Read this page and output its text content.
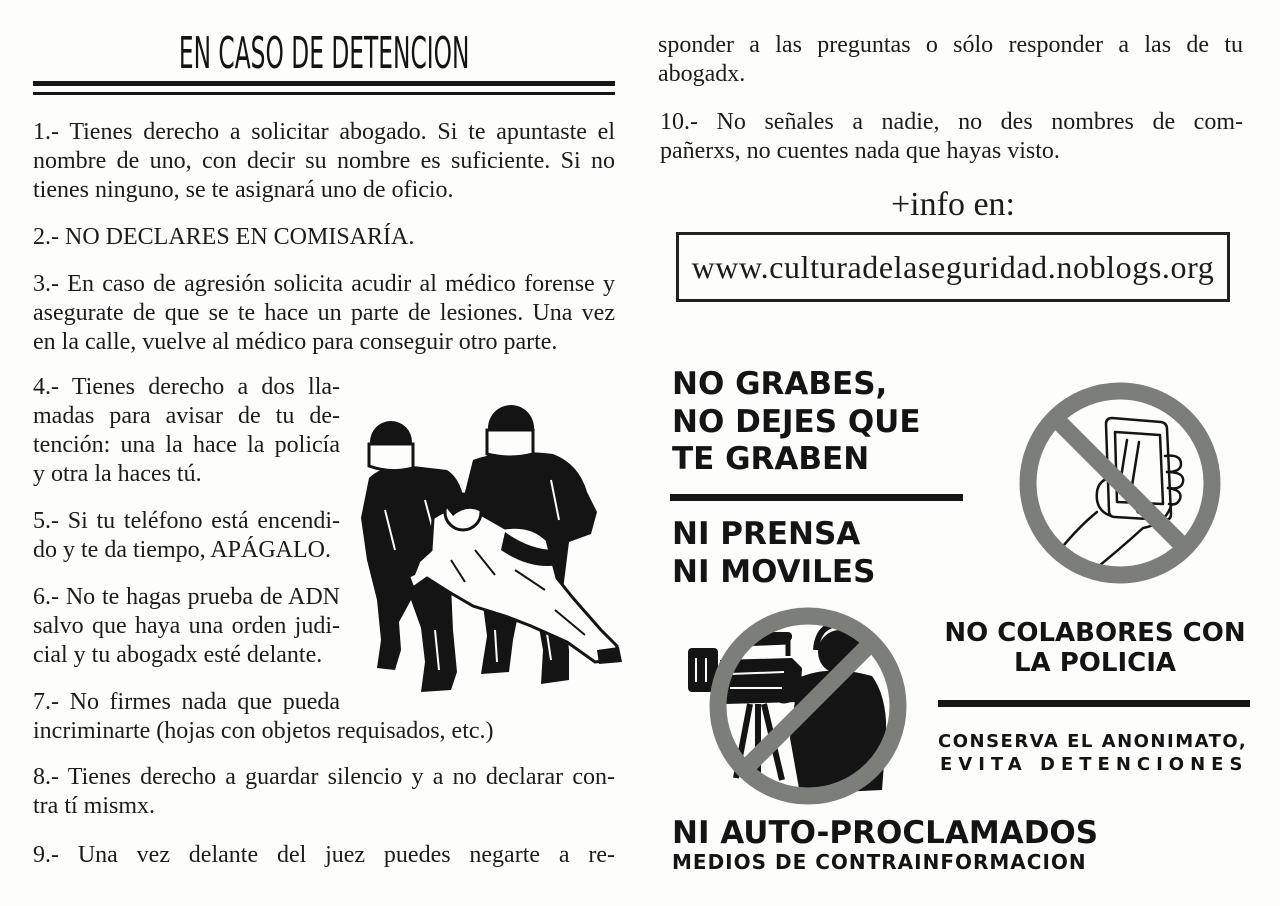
EN CASO DE DETENCION
1.- Tienes derecho a solicitar abogado. Si te apuntaste el
nombre de uno, con decir su nombre es suficiente. Si no
tienes ninguno, se te asignará uno de oficio.
2.- NO DECLARES EN COMISARÍA.
3.- En caso de agresión solicita acudir al médico forense y
asegurate de que se te hace un parte de lesiones. Una vez
en la calle, vuelve al médico para conseguir otro parte.
4.- Tienes derecho a dos lla-
madas para avisar de tu de-
tención: una la hace la policía
y otra la haces tú.
5.- Si tu teléfono está encendi-
do y te da tiempo, APÁGALO.
6.- No te hagas prueba de ADN
salvo que haya una orden judi-
cial y tu abogadx esté delante.
7.- No firmes nada que pueda
incriminarte (hojas con objetos requisados, etc.)
8.- Tienes derecho a guardar silencio y a no declarar con-
tra tí mismx.
9.- Una vez delante del juez puedes negarte a re-
sponder a las preguntas o sólo responder a las de tu
abogadx.
10.- No señales a nadie, no des nombres de com-
pañerxs, no cuentes nada que hayas visto.
+info en:
www.culturadelaseguridad.noblogs.org
NO GRABES,
NO DEJES QUE
TE GRABEN
NI PRENSA
NI MOVILES
NO COLABORES CON
LA POLICIA
CONSERVA EL ANONIMATO,
EVITA DETENCIONES
NI AUTO-PROCLAMADOS
MEDIOS DE CONTRAINFORMACION
